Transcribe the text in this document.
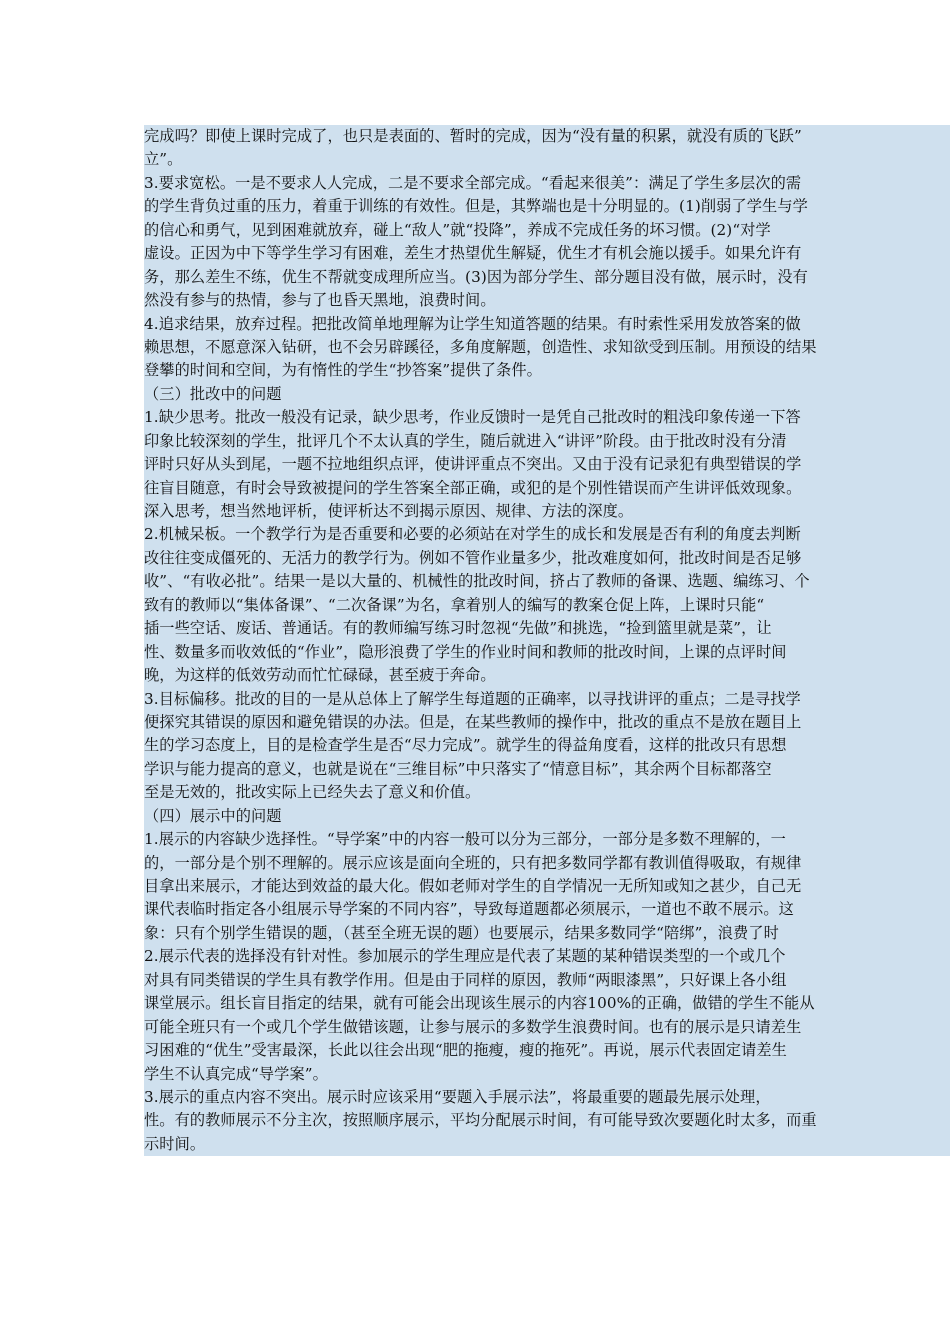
完成吗？即使上课时完成了，也只是表面的、暂时的完成，因为“没有量的积累，就没有质的飞跃”
立”。
3.要求宽松。一是不要求人人完成，二是不要求全部完成。“看起来很美”：满足了学生多层次的需
的学生背负过重的压力，着重于训练的有效性。但是，其弊端也是十分明显的。(1)削弱了学生与学
的信心和勇气，见到困难就放弃，碰上“敌人”就“投降”，养成不完成任务的坏习惯。(2)“对学
虚设。正因为中下等学生学习有困难，差生才热望优生解疑，优生才有机会施以援手。如果允许有
务，那么差生不练，优生不帮就变成理所应当。(3)因为部分学生、部分题目没有做，展示时，没有
然没有参与的热情，参与了也昏天黑地，浪费时间。
4.追求结果，放弃过程。把批改简单地理解为让学生知道答题的结果。有时索性采用发放答案的做
赖思想，不愿意深入钻研，也不会另辟蹊径，多角度解题，创造性、求知欲受到压制。用预设的结果
登攀的时间和空间，为有惰性的学生“抄答案”提供了条件。
（三）批改中的问题
1.缺少思考。批改一般没有记录，缺少思考，作业反馈时一是凭自己批改时的粗浅印象传递一下答
印象比较深刻的学生，批评几个不太认真的学生，随后就进入“讲评”阶段。由于批改时没有分清
评时只好从头到尾，一题不拉地组织点评，使讲评重点不突出。又由于没有记录犯有典型错误的学
往盲目随意，有时会导致被提问的学生答案全部正确，或犯的是个别性错误而产生讲评低效现象。
深入思考，想当然地评析，使评析达不到揭示原因、规律、方法的深度。
2.机械呆板。一个教学行为是否重要和必要的必须站在对学生的成长和发展是否有利的角度去判断
改往往变成僵死的、无活力的教学行为。例如不管作业量多少，批改难度如何，批改时间是否足够
收”、“有收必批”。结果一是以大量的、机械性的批改时间，挤占了教师的备课、选题、编练习、个
致有的教师以“集体备课”、“二次备课”为名，拿着别人的编写的教案仓促上阵，上课时只能“
插一些空话、废话、普通话。有的教师编写练习时忽视“先做”和挑选，“捡到篮里就是菜”，让
性、数量多而收效低的“作业”，隐形浪费了学生的作业时间和教师的批改时间，上课的点评时间
晚，为这样的低效劳动而忙忙碌碌，甚至疲于奔命。
3.目标偏移。批改的目的一是从总体上了解学生每道题的正确率，以寻找讲评的重点；二是寻找学
便探究其错误的原因和避免错误的办法。但是，在某些教师的操作中，批改的重点不是放在题目上
生的学习态度上，目的是检查学生是否“尽力完成”。就学生的得益角度看，这样的批改只有思想
学识与能力提高的意义，也就是说在“三维目标”中只落实了“情意目标”，其余两个目标都落空
至是无效的，批改实际上已经失去了意义和价值。
（四）展示中的问题
1.展示的内容缺少选择性。“导学案”中的内容一般可以分为三部分，一部分是多数不理解的，一
的，一部分是个别不理解的。展示应该是面向全班的，只有把多数同学都有教训值得吸取，有规律
目拿出来展示，才能达到效益的最大化。假如老师对学生的自学情况一无所知或知之甚少，自己无
课代表临时指定各小组展示导学案的不同内容”，导致每道题都必须展示，一道也不敢不展示。这
象：只有个别学生错误的题，（甚至全班无误的题）也要展示，结果多数同学“陪绑”，浪费了时
2.展示代表的选择没有针对性。参加展示的学生理应是代表了某题的某种错误类型的一个或几个
对具有同类错误的学生具有教学作用。但是由于同样的原因，教师“两眼漆黑”，只好课上各小组
课堂展示。组长盲目指定的结果，就有可能会出现该生展示的内容100%的正确，做错的学生不能从
可能全班只有一个或几个学生做错该题，让参与展示的多数学生浪费时间。也有的展示是只请差生
习困难的“优生”受害最深，长此以往会出现“肥的拖瘦，瘦的拖死”。再说，展示代表固定请差生
学生不认真完成“导学案”。
3.展示的重点内容不突出。展示时应该采用“要题入手展示法”，将最重要的题最先展示处理，
性。有的教师展示不分主次，按照顺序展示，平均分配展示时间，有可能导致次要题化时太多，而重
示时间。
